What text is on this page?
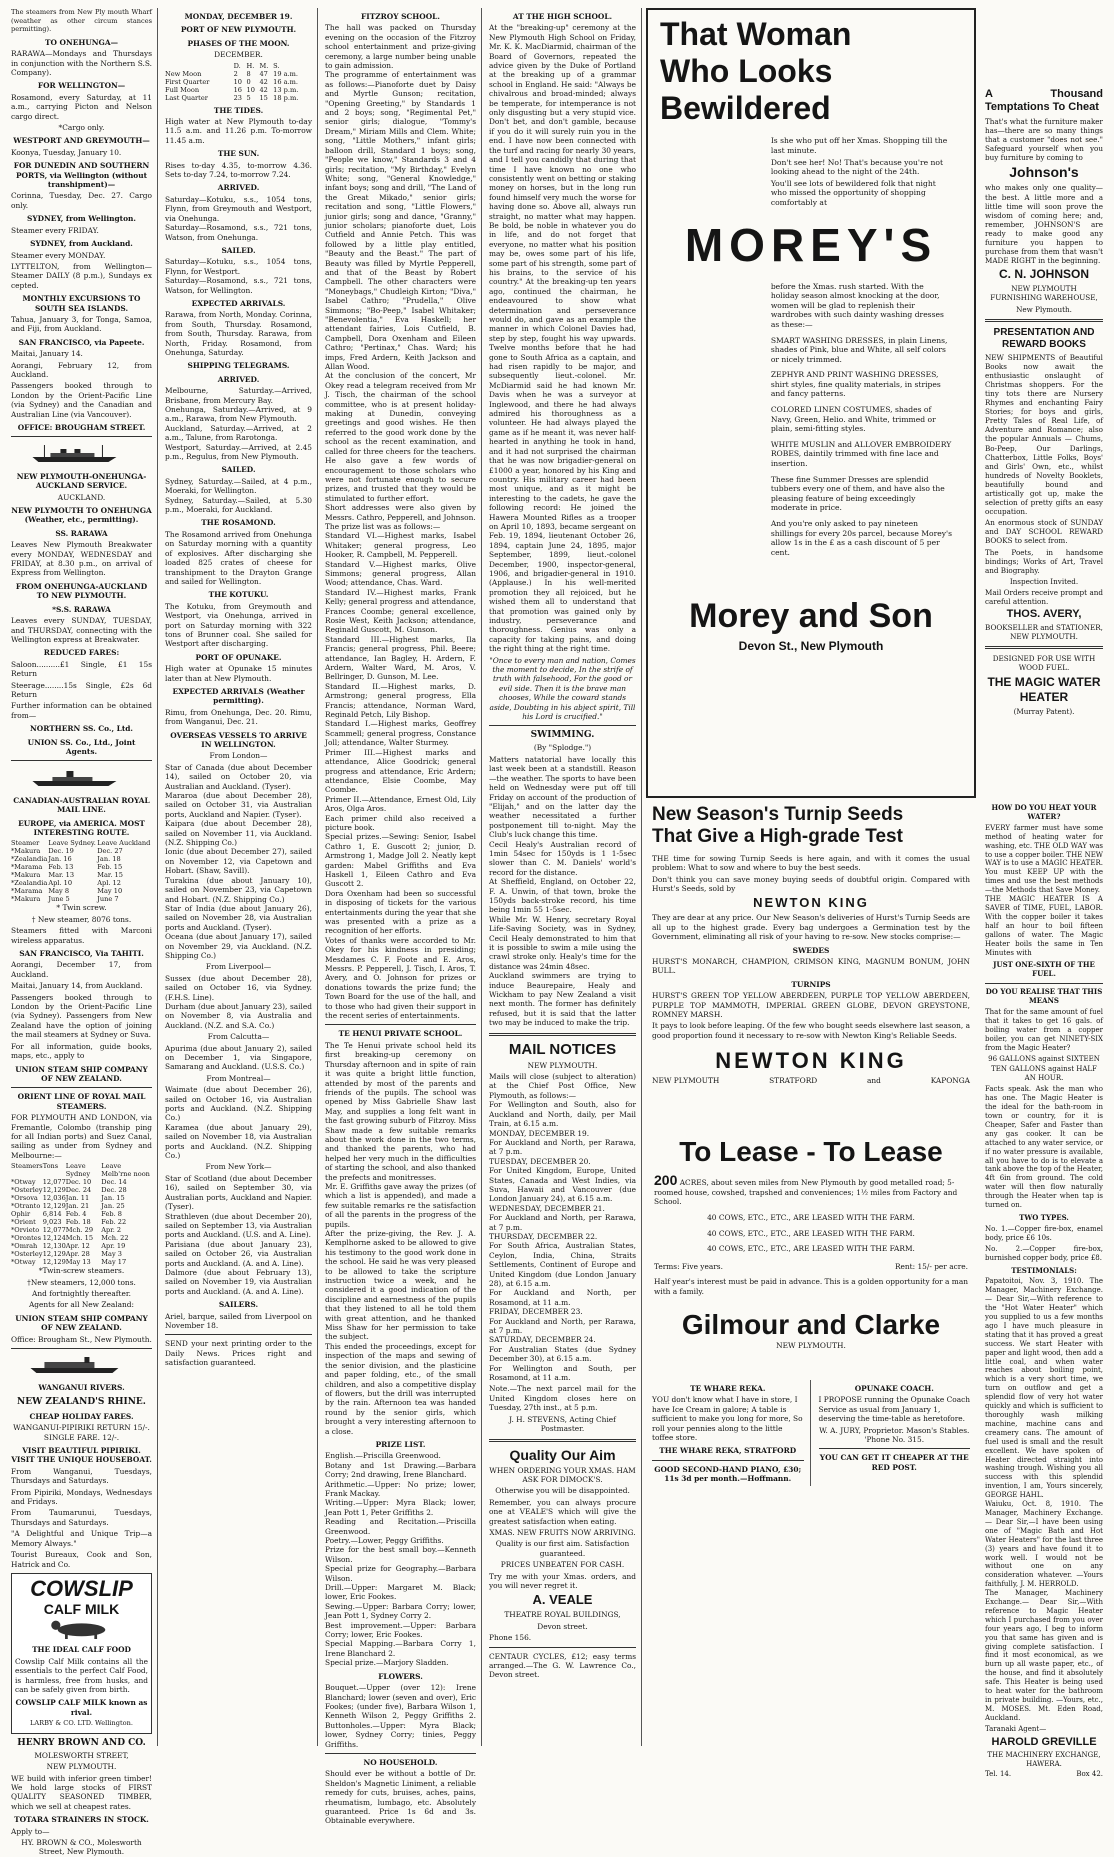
The steamers from New Ply mouth Wharf (weather as other circum stances permitting).

TO ONEHUNGA—

RARAWA—Mondays and Thursdays in conjunction with the Northern S.S. Company).

FOR WELLINGTON—

Rosamond, every Saturday, at 11 a.m., carrying Picton and Nelson cargo direct.

*Cargo only.

WESTPORT AND GREYMOUTH—

Koonya, Tuesday, January 10.

FOR DUNEDIN AND SOUTHERN PORTS, via Wellington (without transhipment)—

Corinna, Tuesday, Dec. 27. Cargo only.

SYDNEY, from Wellington.

Steamer every FRIDAY.

SYDNEY, from Auckland.

Steamer every MONDAY.

LYTTELTON, from Wellington— Steamer DAILY (8 p.m.), Sundays ex cepted.

MONTHLY EXCURSIONS TO SOUTH SEA ISLANDS.

Tahua, January 3, for Tonga, Samoa, and Fiji, from Auckland.

SAN FRANCISCO, via Papeete.

Maitai, January 14.

Aorangi, February 12, from Auckland.

Passengers booked through to London by the Orient-Pacific Line (via Sydney) and the Canadian and Australian Line (via Vancouver).

OFFICE: BROUGHAM STREET.

NEW PLYMOUTH-ONEHUNGA-AUCKLAND SERVICE.

AUCKLAND.

NEW PLYMOUTH TO ONEHUNGA (Weather, etc., permitting).

SS. RARAWA

Leaves New Plymouth Breakwater every MONDAY, WEDNESDAY and FRIDAY, at 8.30 p.m., on arrival of Express from Wellington.

FROM ONEHUNGA-AUCKLAND TO NEW PLYMOUTH.

*S.S. RARAWA

Leaves every SUNDAY, TUESDAY, and THURSDAY, connecting with the Wellington express at Breakwater.

REDUCED FARES:

Saloon..........£1 Single, £1 15s Return

Steerage........15s Single, £2s 6d Return

Further information can be obtained from—

NORTHERN SS. Co., Ltd.

UNION SS. Co., Ltd., Joint Agents.

CANADIAN-AUSTRALIAN ROYAL MAIL LINE.

EUROPE, via AMERICA. MOST INTERESTING ROUTE.

Steamer	Leave Sydney.	Leave Auckland
*Makura	Dec. 19	Dec. 27
*Zealandia	Jan. 16	Jan. 18
*Marama	Feb. 13	Feb. 15
*Makura	Mar. 13	Mar. 15
*Zealandia	Apl. 10	Apl. 12
*Marama	May 8	May 10
*Makura	June 5	June 7

* Twin screw.

† New steamer, 8076 tons.

Steamers fitted with Marconi wireless apparatus.

SAN FRANCISCO, Via TAHITI.

Aorangi, December 17, from Auckland.

Maitai, January 14, from Auckland.

Passengers booked through to London by the Orient-Pacific Line (via Sydney). Passengers from New Zealand have the option of joining the mail steamers at Sydney or Suva.

For all information, guide books, maps, etc., apply to

UNION STEAM SHIP COMPANY OF NEW ZEALAND.

ORIENT LINE OF ROYAL MAIL STEAMERS.

FOR PLYMOUTH AND LONDON, via Fremantle, Colombo (tranship ping for all Indian ports) and Suez Canal, sailing as under from Sydney and Melbourne:—

Steamers	Tons	Leave Sydney	Leave Melb'rne noon
*Otway	12,077	Dec. 10	Dec. 14
*Osterley	12,129	Dec. 24	Dec. 28
*Orsova	12,036	Jan. 11	Jan. 15
*Otranto	12,129	Jan. 21	Jan. 25
Ophir	6,814	Feb. 4	Feb. 8
*Orient	9,023	Feb. 18	Feb. 22
*Orvieto	12,077	Mch. 29	Apr. 2
*Orontes	12,124	Mch. 15	Mch. 22
*Omrah	12,130	Apr. 12	Apr. 19
*Osterley	12,129	Apr. 28	May 3
*Otway	12,129	May 13	May 17

*Twin-screw steamers.

†New steamers, 12,000 tons.

And fortnightly thereafter.

Agents for all New Zealand:

UNION STEAM SHIP COMPANY OF NEW ZEALAND.

Office: Brougham St., New Plymouth.

WANGANUI RIVERS.

NEW ZEALAND'S RHINE.

CHEAP HOLIDAY FARES.

WANGANUI-PIPIRIKI RETURN 15/-. SINGLE FARE. 12/-.

VISIT BEAUTIFUL PIPIRIKI. VISIT THE UNIQUE HOUSEBOAT.

From Wanganui, Tuesdays, Thursdays and Saturdays.

From Pipiriki, Mondays, Wednesdays and Fridays.

From Taumarunui, Tuesdays, Thursdays and Saturdays.

"A Delightful and Unique Trip—a Memory Always."

Tourist Bureaux, Cook and Son, Hatrick and Co.

COWSLIP
CALF MILK

THE IDEAL CALF FOOD

Cowslip Calf Milk contains all the essentials to the perfect Calf Food, is harmless, free from husks, and can be safely given from birth.

COWSLIP CALF MILK known as rival.

LARBY & CO. LTD. Wellington.

HENRY BROWN AND CO.

MOLESWORTH STREET,

NEW PLYMOUTH.

WE build with inferior green timber! We hold large stocks of FIRST QUALITY SEASONED TIMBER, which we sell at cheapest rates.

TOTARA STRAINERS IN STOCK.

Apply to—

HY. BROWN & CO., Molesworth Street, New Plymouth.

MONDAY, DECEMBER 19.

PORT OF NEW PLYMOUTH.

PHASES OF THE MOON.

DECEMBER.

	D.	H.	M.	S.
New Moon	2	8	47	19 a.m.
First Quarter	10	0	42	16 a.m.
Full Moon	16	10	42	13 p.m.
Last Quarter	23	5	15	18 p.m.

THE TIDES.

High water at New Plymouth to-day 11.5 a.m. and 11.26 p.m. To-morrow 11.45 a.m.

THE SUN.

Rises to-day 4.35, to-morrow 4.36. Sets to-day 7.24, to-morrow 7.24.

ARRIVED.

Saturday—Kotuku, s.s., 1054 tons, Flynn, from Greymouth and Westport, via Onehunga.
Saturday—Rosamond, s.s., 721 tons, Watson, from Onehunga.

SAILED.

Saturday—Kotuku, s.s., 1054 tons, Flynn, for Westport.
Saturday—Rosamond, s.s., 721 tons, Watson, for Wellington.

EXPECTED ARRIVALS.

Rarawa, from North, Monday. Corinna, from South, Thursday. Rosamond, from South, Thursday. Rarawa, from North, Friday. Rosamond, from Onehunga, Saturday.

SHIPPING TELEGRAMS.

ARRIVED.

Melbourne, Saturday.—Arrived, Brisbane, from Mercury Bay.
Onehunga, Saturday.—Arrived, at 9 a.m., Rarawa, from New Plymouth.
Auckland, Saturday.—Arrived, at 2 a.m., Talune, from Rarotonga.
Westport, Saturday.—Arrived, at 2.45 p.m., Regulus, from New Plymouth.

SAILED.

Sydney, Saturday.—Sailed, at 4 p.m., Moeraki, for Wellington.
Sydney, Saturday.—Sailed, at 5.30 p.m., Moeraki, for Auckland.

THE ROSAMOND.

The Rosamond arrived from Onehunga on Saturday morning with a quantity of explosives. After discharging she loaded 825 crates of cheese for transhipment to the Drayton Grange and sailed for Wellington.

THE KOTUKU.

The Kotuku, from Greymouth and Westport, via Onehunga, arrived in port on Saturday morning with 322 tons of Brunner coal. She sailed for Westport after discharging.

PORT OF OPUNAKE.

High water at Opunake 15 minutes later than at New Plymouth.

EXPECTED ARRIVALS (Weather permitting).

Rimu, from Onehunga, Dec. 20. Rimu, from Wanganui, Dec. 21.

OVERSEAS VESSELS TO ARRIVE IN WELLINGTON.

From London—

Star of Canada (due about December 14), sailed on October 20, via Australian and Auckland. (Tyser).
Mararoa (due about December 28), sailed on October 31, via Australian ports, Auckland and Napier. (Tyser).
Kaipara (due about December 28), sailed on November 11, via Auckland. (N.Z. Shipping Co.)
Ionic (due about December 27), sailed on November 12, via Capetown and Hobart. (Shaw, Savill).
Turakina (due about January 10), sailed on November 23, via Capetown and Hobart. (N.Z. Shipping Co.)
Star of India (due about January 26), sailed on November 28, via Australian ports and Auckland. (Tyser).
Oceana (due about January 17), sailed on November 29, via Auckland. (N.Z. Shipping Co.)

From Liverpool—

Sussex (due about December 28), sailed on October 16, via Sydney. (F.H.S. Line).
Durham (due about January 23), sailed on November 8, via Australia and Auckland. (N.Z. and S.A. Co.)

From Calcutta—

Apurima (due about January 2), sailed on December 1, via Singapore, Samarang and Auckland. (U.S.S. Co.)

From Montreal—

Waimate (due about December 26), sailed on October 16, via Australian ports and Auckland. (N.Z. Shipping Co.)
Karamea (due about January 29), sailed on November 18, via Australian ports and Auckland. (N.Z. Shipping Co.)

From New York—

Star of Scotland (due about December 16), sailed on September 30, via Australian ports, Auckland and Napier. (Tyser).
Strathleven (due about December 20), sailed on September 13, via Australian ports and Auckland. (U.S. and A. Line).
Parisiana (due about January 23), sailed on October 26, via Australian ports and Auckland. (A. and A. Line).
Dalmore (due about February 13), sailed on November 19, via Australian ports and Auckland. (A. and A. Line).

SAILERS.

Ariel, barque, sailed from Liverpool on November 18.

SEND your next printing order to the Daily News. Prices right and satisfaction guaranteed.

FITZROY SCHOOL.

The hall was packed on Thursday evening on the occasion of the Fitzroy school entertainment and prize-giving ceremony, a large number being unable to gain admission.
The programme of entertainment was as follows:—Pianoforte duet by Daisy and Myrtle Gunson; recitation, "Opening Greeting," by Standards 1 and 2 boys; song, "Regimental Pet," senior girls; dialogue, "Tommy's Dream," Miriam Mills and Clem. White; song, "Little Mothers," infant girls; balloon drill, Standard 1 boys; song, "People we know," Standards 3 and 4 girls; recitation, "My Birthday," Evelyn White; song, "General Knowledge," infant boys; song and drill, "The Land of the Great Mikado," senior girls; recitation and song, "Little Flowers," junior girls; song and dance, "Granny," junior scholars; pianoforte duet, Lois Cutfield and Annie Petch. This was followed by a little play entitled, "Beauty and the Beast." The part of Beauty was filled by Myrtle Pepperell, and that of the Beast by Robert Campbell. The other characters were "Moneybags," Chudleigh Kirton; "Diva," Isabel Cathro; "Prudella," Olive Simmons; "Bo-Peep," Isabel Whitaker; "Benevolentia," Eva Haskell; her attendant fairies, Lois Cutfield, B. Campbell, Dora Oxenham and Eileen Cathro; "Pertinax," Chas. Ward; his imps, Fred Ardern, Keith Jackson and Allan Wood.
At the conclusion of the concert, Mr Okey read a telegram received from Mr J. Tisch, the chairman of the school committee, who is at present holiday-making at Dunedin, conveying greetings and good wishes. He then referred to the good work done by the school as the recent examination, and called for three cheers for the teachers. He also gave a few words of encouragement to those scholars who were not fortunate enough to secure prizes, and trusted that they would be stimulated to further effort.
Short addresses were also given by Messrs. Cathro, Pepperell, and Johnson.
The prize list was as follows:—
Standard VI.—Highest marks, Isabel Whitaker; general progress, Leo Hooker, R. Campbell, M. Pepperell.
Standard V.—Highest marks, Olive Simmons; general progress, Allan Wood; attendance, Chas. Ward.
Standard IV.—Highest marks, Frank Kelly; general progress and attendance, Frances Coombe; general excellence, Rosie West, Keith Jackson; attendance, Reginald Guscott, M. Gunson.
Standard III.—Highest marks, Ila Francis; general progress, Phil. Beere; attendance, Ian Bagley, H. Ardern, F. Ardern, Walter Ward, M. Aros, V. Bellringer, D. Gunson, M. Lee.
Standard II.—Highest marks, D. Armstrong; general progress, Ella Francis; attendance, Norman Ward, Reginald Petch, Lily Bishop.
Standard I.—Highest marks, Geoffrey Scammell; general progress, Constance Joll; attendance, Walter Sturmey.
Primer III.—Highest marks and attendance, Alice Goodrick; general progress and attendance, Eric Ardern; attendance, Elsie Coombe, May Coombe.
Primer II.—Attendance, Ernest Old, Lily Aros, Olga Aros.
Each primer child also received a picture book.
Special prizes.—Sewing: Senior, Isabel Cathro 1, E. Guscott 2; junior, D. Armstrong 1, Madge Joll 2. Neatly kept garden: Mabel Griffiths and Eva Haskell 1, Eileen Cathro and Eva Guscott 2.
Dora Oxenham had been so successful in disposing of tickets for the various entertainments during the year that she was presented with a prize as a recognition of her efforts.
Votes of thanks were accorded to Mr. Okey for his kindness in presiding; Mesdames C. F. Foote and E. Aros, Messrs. P. Pepperell, J. Tisch, I. Aros, T. Avery, and O. Johnson for prizes or donations towards the prize fund; the Town Board for the use of the hall, and to those who had given their support in the recent series of entertainments.

TE HENUI PRIVATE SCHOOL.

The Te Henui private school held its first breaking-up ceremony on Thursday afternoon and in spite of rain it was quite a bright little function, attended by most of the parents and friends of the pupils. The school was opened by Miss Gabrielle Shaw last May, and supplies a long felt want in the fast growing suburb of Fitzroy. Miss Shaw made a few suitable remarks about the work done in the two terms, and thanked the parents, who had helped her very much in the difficulties of starting the school, and also thanked the prefects and monitresses.
Mr. E. Griffiths gave away the prizes (of which a list is appended), and made a few suitable remarks re the satisfaction of all the parents in the progress of the pupils.
After the prize-giving, the Rev. J. A. Kemplhorne asked to be allowed to give his testimony to the good work done in the school. He said he was very pleased to be allowed to take the scripture instruction twice a week, and he considered it a good indication of the discipline and earnestness of the pupils that they listened to all he told them with great attention, and he thanked Miss Shaw for her permission to take the subject.
This ended the proceedings, except for inspection of the maps and sewing of the senior division, and the plasticine and paper folding, etc., of the small children, and also a competitive display of flowers, but the drill was interrupted by the rain. Afternoon tea was handed round by the senior girls, which brought a very interesting afternoon to a close.

PRIZE LIST.

English.—Priscilla Greenwood.
Botany and 1st Drawing.—Barbara Corry; 2nd drawing, Irene Blanchard.
Arithmetic.—Upper: No prize; lower, Frank Mackay.
Writing.—Upper: Myra Black; lower, Jean Pott 1, Peter Griffiths 2.
Reading and Recitation.—Priscilla Greenwood.
Poetry.—Lower, Peggy Griffiths.
Prize for the best small boy.—Kenneth Wilson.
Special prize for Geography.—Barbara Wilson.
Drill.—Upper: Margaret M. Black; lower, Eric Fookes.
Sewing.—Upper: Barbara Corry; lower, Jean Pott 1, Sydney Corry 2.
Best improvement.—Upper: Barbara Corry; lower, Eric Fookes.
Special Mapping.—Barbara Corry 1, Irene Blanchard 2.
Special prize.—Marjory Sladden.

FLOWERS.

Bouquet.—Upper (over 12): Irene Blanchard; lower (seven and over), Eric Fookes; (under five), Barbara Wilson 1, Kenneth Wilson 2, Peggy Griffiths 2. Buttonholes.—Upper: Myra Black; lower, Sydney Corry; tinies, Peggy Griffiths.

NO HOUSEHOLD.

Should ever be without a bottle of Dr. Sheldon's Magnetic Liniment, a reliable remedy for cuts, bruises, aches, pains, rheumatism, lumbago, etc. Absolutely guaranteed. Price 1s 6d and 3s. Obtainable everywhere.

AT THE HIGH SCHOOL.

At the "breaking-up" ceremony at the New Plymouth High School on Friday, Mr. K. K. MacDiarmid, chairman of the Board of Governors, repeated the advice given by the Duke of Portland at the breaking up of a grammar school in England. He said: "Always be chivalrous and broad-minded; always be temperate, for intemperance is not only disgusting but a very stupid vice. Don't bet, and don't gamble, because if you do it will surely ruin you in the end. I have now been connected with the turf and racing for nearly 30 years, and I tell you candidly that during that time I have known no one who consistently went on betting or staking money on horses, but in the long run found himself very much the worse for having done so. Above all, always run straight, no matter what may happen. Be bold, be noble in whatever you do in life, and do not forget that everyone, no matter what his position may be, owes some part of his life, some part of his strength, some part of his brains, to the service of his country." At the breaking-up ten years ago, continued the chairman, he endeavoured to show what determination and perseverance would do, and gave as an example the manner in which Colonel Davies had, step by step, fought his way upwards. Twelve months before that he had gone to South Africa as a captain, and had risen rapidly to be major, and subsequently lieut.-colonel. Mr. McDiarmid said he had known Mr. Davis when he was a surveyor at Inglewood, and there he had always admired his thoroughness as a volunteer. He had always played the game as if he meant it, was never half-hearted in anything he took in hand, and it had not surprised the chairman that he was now brigadier-general on £1000 a year, honored by his King and country. His military career had been most unique, and as it might be interesting to the cadets, he gave the following record: He joined the Hawera Mounted Rifles as a trooper on April 10, 1893, became sergeant on Feb. 19, 1894, lieutenant October 26, 1894, captain June 24, 1895, major September, 1899, lieut.-colonel December, 1900, inspector-general, 1906, and brigadier-general in 1910. (Applause.) In his well-merited promotion they all rejoiced, but he wished them all to understand that that promotion was gained only by industry, perseverance and thoroughness. Genius was only a capacity for taking pains, and doing the right thing at the right time.

"Once to every man and nation, Comes the moment to decide, In the strife of truth with falsehood, For the good or evil side. Then it is the brave man chooses, While the coward stands aside, Doubting in his abject spirit, Till his Lord is crucified."

SWIMMING.

(By "Splodge.")

Matters natatorial have locally this last week been at a standstill. Reason —the weather. The sports to have been held on Wednesday were put off till Friday on account of the production of "Elijah," and on the latter day the weather necessitated a further postponement till to-night. May the Club's luck change this time.
Cecil Healy's Australian record of 1min 54sec for 150yds is 1 1-5sec slower than C. M. Daniels' world's record for the distance.
At Sheffield, England, on October 22, F. A. Unwin, of that town, broke the 150yds back-stroke record, his time being 1min 55 1-5sec.
While Mr. W. Henry, secretary Royal Life-Saving Society, was in Sydney, Cecil Healy demonstrated to him that it is possible to swim a mile using the crawl stroke only. Healy's time for the distance was 24min 48sec.
Auckland swimmers are trying to induce Beaurepaire, Healy and Wickham to pay New Zealand a visit next month. The former has definitely refused, but it is said that the latter two may be induced to make the trip.

MAIL NOTICES

NEW PLYMOUTH.

Mails will close (subject to alteration) at the Chief Post Office, New Plymouth, as follows:—
For Wellington and South, also for Auckland and North, daily, per Mail Train, at 6.15 a.m.
MONDAY, DECEMBER 19.
For Auckland and North, per Rarawa, at 7 p.m.
TUESDAY, DECEMBER 20.
For United Kingdom, Europe, United States, Canada and West Indies, via Suva, Hawaii and Vancouver (due London January 24), at 6.15 a.m.
WEDNESDAY, DECEMBER 21.
For Auckland and North, per Rarawa, at 7 p.m.
THURSDAY, DECEMBER 22.
For South Africa, Australian States, Ceylon, India, China, Straits Settlements, Continent of Europe and United Kingdom (due London January 28), at 6.15 a.m.
For Auckland and North, per Rosamond, at 11 a.m.
FRIDAY, DECEMBER 23.
For Auckland and North, per Rarawa, at 7 p.m.
SATURDAY, DECEMBER 24.
For Australian States (due Sydney December 30), at 6.15 a.m.
For Wellington and South, per Rosamond, at 11 a.m.

Note.—The next parcel mail for the United Kingdom closes here on Tuesday, 27th inst., at 5 p.m.

J. H. STEVENS, Acting Chief Postmaster.

Quality Our Aim

WHEN ORDERING YOUR XMAS. HAM ASK FOR DIMOCK'S.

Otherwise you will be disappointed.

Remember, you can always procure one at VEALE'S which will give the greatest satisfaction when eating.

XMAS. NEW FRUITS NOW ARRIVING.

Quality is our first aim. Satisfaction guaranteed.

PRICES UNBEATEN FOR CASH.

Try me with your Xmas. orders, and you will never regret it.

A. VEALE

THEATRE ROYAL BUILDINGS,

Devon street.

Phone 156.

CENTAUR CYCLES, £12; easy terms arranged.—The G. W. Lawrence Co., Devon street.

That Woman
Who Looks
Bewildered

Is she who put off her Xmas. Shopping till the last minute.

Don't see her! No! That's because you're not looking ahead to the night of the 24th.

You'll see lots of bewildered folk that night who missed the opportunity of shopping comfortably at

MOREY'S

before the Xmas. rush started. With the holiday season almost knocking at the door, women will be glad to replenish their wardrobes with such dainty washing dresses as these:—

SMART WASHING DRESSES, in plain Linens, shades of Pink, blue and White, all self colors or nicely trimmed.

ZEPHYR AND PRINT WASHING DRESSES, shirt styles, fine quality materials, in stripes and fancy patterns.

COLORED LINEN COSTUMES, shades of Navy, Green, Helio. and White, trimmed or plain, semi-fitting styles.

WHITE MUSLIN and ALLOVER EMBROIDERY ROBES, daintily trimmed with fine lace and insertion.

These fine Summer Dresses are splendid tubbers every one of them, and have also the pleasing feature of being exceedingly moderate in price.

And you're only asked to pay nineteen shillings for every 20s parcel, because Morey's allow 1s in the £ as a cash discount of 5 per cent.

Morey and Son
Devon St., New Plymouth

A Thousand Temptations To Cheat

That's what the furniture maker has—there are so many things that a customer "does not see." Safeguard yourself when you buy furniture by coming to

Johnson's

who makes only one quality—the best. A little more and a little time will soon prove the wisdom of coming here; and, remember, JOHNSON'S are ready to make good any furniture you happen to purchase from them that wasn't MADE RIGHT in the beginning.

C. N. JOHNSON

NEW PLYMOUTH FURNISHING WAREHOUSE,

New Plymouth.

PRESENTATION AND REWARD BOOKS

NEW SHIPMENTS of Beautiful Books now await the enthusiastic onslaught of Christmas shoppers. For the tiny tots there are Nursery Rhymes and enchanting Fairy Stories; for boys and girls, Pretty Tales of Real Life, of Adventure and Romance; also the popular Annuals — Chums, Bo-Peep, Our Darlings, Chatterbox, Little Folks, Boys' and Girls' Own, etc., whilst hundreds of Novelty Booklets, beautifully bound and artistically got up, make the selection of pretty gifts an easy occupation.

An enormous stock of SUNDAY and DAY SCHOOL REWARD BOOKS to select from.

The Poets, in handsome bindings; Works of Art, Travel and Biography.

Inspection Invited.

Mail Orders receive prompt and careful attention.

THOS. AVERY,

BOOKSELLER and STATIONER, NEW PLYMOUTH.

DESIGNED FOR USE WITH WOOD FUEL.

THE MAGIC WATER HEATER

(Murray Patent).

New Season's Turnip Seeds
That Give a High-grade Test

THE time for sowing Turnip Seeds is here again, and with it comes the usual problem: What to sow and where to buy the best seeds.

Don't think you can save money buying seeds of doubtful origin. Compared with Hurst's Seeds, sold by

NEWTON KING

They are dear at any price. Our New Season's deliveries of Hurst's Turnip Seeds are all up to the highest grade. Every bag undergoes a Germination test by the Government, eliminating all risk of your having to re-sow. New stocks comprise:—

SWEDES

HURST'S MONARCH, CHAMPION, CRIMSON KING, MAGNUM BONUM, JOHN BULL.

TURNIPS

HURST'S GREEN TOP YELLOW ABERDEEN, PURPLE TOP YELLOW ABERDEEN, PURPLE TOP MAMMOTH, IMPERIAL GREEN GLOBE, DEVON GREYSTONE, ROMNEY MARSH.

It pays to look before leaping. Of the few who bought seeds elsewhere last season, a good proportion found it necessary to re-sow with Newton King's Reliable Seeds.

NEWTON KING

NEW PLYMOUTH	STRATFORD	and	KAPONGA

HOW DO YOU HEAT YOUR WATER?

EVERY farmer must have some method of heating water for washing, etc. THE OLD WAY was to use a copper boiler. THE NEW WAY is to use a MAGIC HEATER.
You must KEEP UP with the times and use the best methods—the Methods that Save Money.
THE MAGIC HEATER IS A SAVER of TIME, FUEL, LABOR. With the copper boiler it takes half an hour to boil fifteen gallons of water. The Magic Heater boils the same in Ten Minutes with

JUST ONE-SIXTH OF THE FUEL.

DO YOU REALISE THAT THIS MEANS

That for the same amount of fuel that it takes to get 16 gals. of boiling water from a copper boiler, you can get NINETY-SIX from the Magic Heater?

96 GALLONS against SIXTEEN

TEN GALLONS against HALF AN HOUR.

Facts speak. Ask the man who has one. The Magic Heater is the ideal for the bath-room in town or country, for it is Cheaper, Safer and Faster than any gas cooker. It can be attached to any water service, or if no water pressure is available, all you have to do is to elevate a tank above the top of the Heater, 4ft 6in from ground. The cold water will then flow naturally through the Heater when tap is turned on.

TWO TYPES.

No. 1.—Copper fire-box, enamel body, price £6 10s.

No. 2.—Copper fire-box, burnished copper body, price £8.

TESTIMONIALS:

Papatoitoi, Nov. 3, 1910. The Manager, Machinery Exchange.— Dear Sir,—With reference to the "Hot Water Heater" which you supplied to us a few months ago I have much pleasure in stating that it has proved a great success. We start Heater with paper and light wood, then add a little coal, and when water reaches about boiling point, which is a very short time, we turn on outflow and get a splendid flow of very hot water quickly and which is sufficient to thoroughly wash milking machine, machine cans and creamery cans. The amount of fuel used is small and the result excellent. We have spoken of Heater directed straight into washing trough. Wishing you all success with this splendid invention, I am, Yours sincerely, GEORGE HAHL.
Waiuku, Oct. 8, 1910. The Manager, Machinery Exchange.— Dear Sir,—I have been using one of "Magic Bath and Hot Water Heaters" for the last three (3) years and have found it to work well. I would not be without one on any consideration whatever. —Yours faithfully, J. M. HERROLD.
The Manager, Machinery Exchange.— Dear Sir,—With reference to Magic Heater which I purchased from you over four years ago, I beg to inform you that same has given and is giving complete satisfaction. I find it most economical, as we burn up all waste paper, etc., of the house, and find it absolutely safe. This Heater is being used to heat water for the bathroom in private building. —Yours, etc., M. MOSES. Mt. Eden Road, Auckland.

Taranaki Agent—

HAROLD GREVILLE

THE MACHINERY EXCHANGE, HAWERA.

Tel. 14.	Box 42.
To Lease - To Lease

200 ACRES, about seven miles from New Plymouth by good metalled road; 5-roomed house, cowshed, trapshed and conveniences; 1½ miles from Factory and School.

40 COWS, ETC., ETC., ARE LEASED WITH THE FARM.

40 COWS, ETC., ETC., ARE LEASED WITH THE FARM.

40 COWS, ETC., ETC., ARE LEASED WITH THE FARM.

Terms: Five years.	Rent: 15/- per acre.

Half year's interest must be paid in advance. This is a golden opportunity for a man with a family.

Gilmour and Clarke

NEW PLYMOUTH.

TE WHARE REKA.

YOU don't know what I have in store, I have Ice Cream in galore; A table is sufficient to make you long for more, So roll your pennies along to the little toffee store.

THE WHARE REKA, STRATFORD

GOOD SECOND-HAND PIANO, £30; 11s 3d per month.—Hoffmann.

OPUNAKE COACH.

I PROPOSE running the Opunake Coach Service as usual from January 1, deserving the time-table as heretofore.

W. A. JURY, Proprietor. Mason's Stables. 'Phone No. 315.

YOU CAN GET IT CHEAPER AT THE RED POST.
